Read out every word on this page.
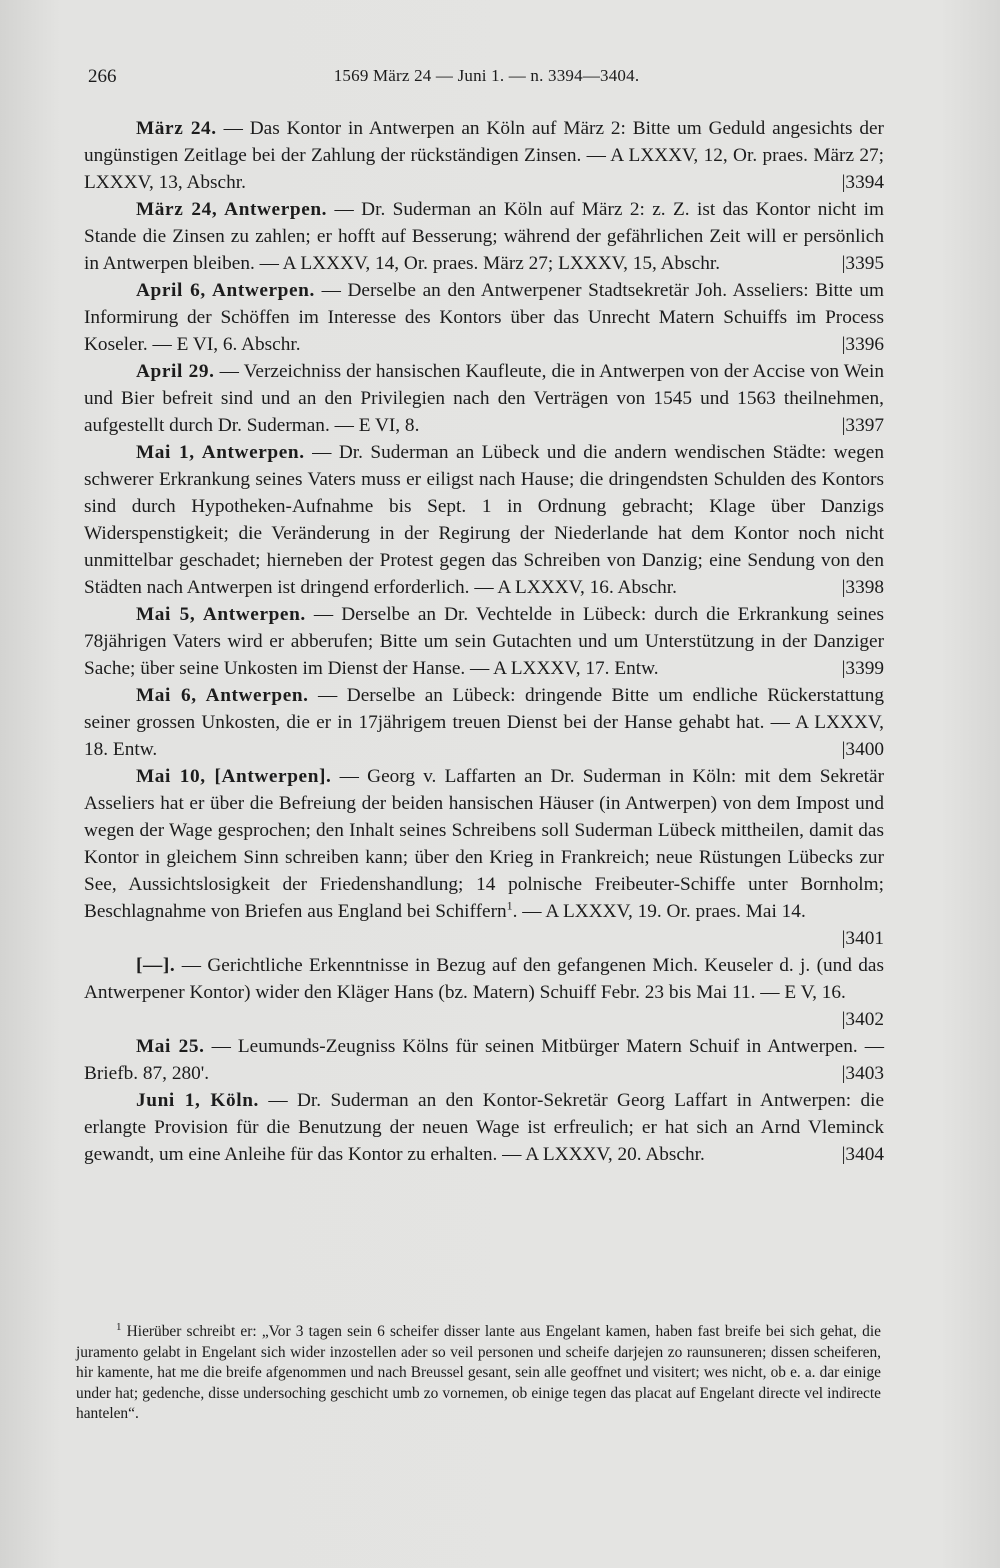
266	1569 März 24 — Juni 1. — n. 3394—3404.

März 24. — Das Kontor in Antwerpen an Köln auf März 2: Bitte um Geduld angesichts der ungünstigen Zeitlage bei der Zahlung der rückständigen Zinsen. — A LXXXV, 12, Or. praes. März 27; LXXXV, 13, Abschr.	|3394

März 24, Antwerpen. — Dr. Suderman an Köln auf März 2: z. Z. ist das Kontor nicht im Stande die Zinsen zu zahlen; er hofft auf Besserung; während der gefährlichen Zeit will er persönlich in Antwerpen bleiben. — A LXXXV, 14, Or. praes. März 27; LXXXV, 15, Abschr.	|3395

April 6, Antwerpen. — Derselbe an den Antwerpener Stadtsekretär Joh. Asseliers: Bitte um Informirung der Schöffen im Interesse des Kontors über das Unrecht Matern Schuiffs im Process Koseler. — E VI, 6. Abschr.	|3396

April 29. — Verzeichniss der hansischen Kaufleute, die in Antwerpen von der Accise von Wein und Bier befreit sind und an den Privilegien nach den Verträgen von 1545 und 1563 theilnehmen, aufgestellt durch Dr. Suderman. — E VI, 8.	|3397

Mai 1, Antwerpen. — Dr. Suderman an Lübeck und die andern wendischen Städte: wegen schwerer Erkrankung seines Vaters muss er eiligst nach Hause; die dringendsten Schulden des Kontors sind durch Hypotheken-Aufnahme bis Sept. 1 in Ordnung gebracht; Klage über Danzigs Widerspenstigkeit; die Veränderung in der Regirung der Niederlande hat dem Kontor noch nicht unmittelbar geschadet; hierneben der Protest gegen das Schreiben von Danzig; eine Sendung von den Städten nach Antwerpen ist dringend erforderlich. — A LXXXV, 16. Abschr.	|3398

Mai 5, Antwerpen. — Derselbe an Dr. Vechtelde in Lübeck: durch die Erkrankung seines 78jährigen Vaters wird er abberufen; Bitte um sein Gutachten und um Unterstützung in der Danziger Sache; über seine Unkosten im Dienst der Hanse. — A LXXXV, 17. Entw.	|3399

Mai 6, Antwerpen. — Derselbe an Lübeck: dringende Bitte um endliche Rückerstattung seiner grossen Unkosten, die er in 17jährigem treuen Dienst bei der Hanse gehabt hat. — A LXXXV, 18. Entw.	|3400

Mai 10, [Antwerpen]. — Georg v. Laffarten an Dr. Suderman in Köln: mit dem Sekretär Asseliers hat er über die Befreiung der beiden hansischen Häuser (in Antwerpen) von dem Impost und wegen der Wage gesprochen; den Inhalt seines Schreibens soll Suderman Lübeck mittheilen, damit das Kontor in gleichem Sinn schreiben kann; über den Krieg in Frankreich; neue Rüstungen Lübecks zur See, Aussichtslosigkeit der Friedenshandlung; 14 polnische Freibeuter-Schiffe unter Bornholm; Beschlagnahme von Briefen aus England bei Schiffern$^1$. — A LXXXV, 19. Or. praes. Mai 14.
|3401

[—]. — Gerichtliche Erkenntnisse in Bezug auf den gefangenen Mich. Keuseler d. j. (und das Antwerpener Kontor) wider den Kläger Hans (bz. Matern) Schuiff Febr. 23 bis Mai 11. — E V, 16.
|3402

Mai 25. — Leumunds-Zeugniss Kölns für seinen Mitbürger Matern Schuif in Antwerpen. — Briefb. 87, 280'.	|3403

Juni 1, Köln. — Dr. Suderman an den Kontor-Sekretär Georg Laffart in Antwerpen: die erlangte Provision für die Benutzung der neuen Wage ist erfreulich; er hat sich an Arnd Vleminck gewandt, um eine Anleihe für das Kontor zu erhalten. — A LXXXV, 20. Abschr.	|3404

$^1$ Hierüber schreibt er: „Vor 3 tagen sein 6 scheifer disser lante aus Engelant kamen, haben fast breife bei sich gehat, die juramento gelabt in Engelant sich wider inzostellen ader so veil personen und scheife darjejen zo raunsuneren; dissen scheiferen, hir kamente, hat me die breife afgenommen und nach Breussel gesant, sein alle geoffnet und visitert; wes nicht, ob e. a. dar einige under hat; gedenche, disse undersoching geschicht umb zo vornemen, ob einige tegen das placat auf Engelant directe vel indirecte hantelen“.
